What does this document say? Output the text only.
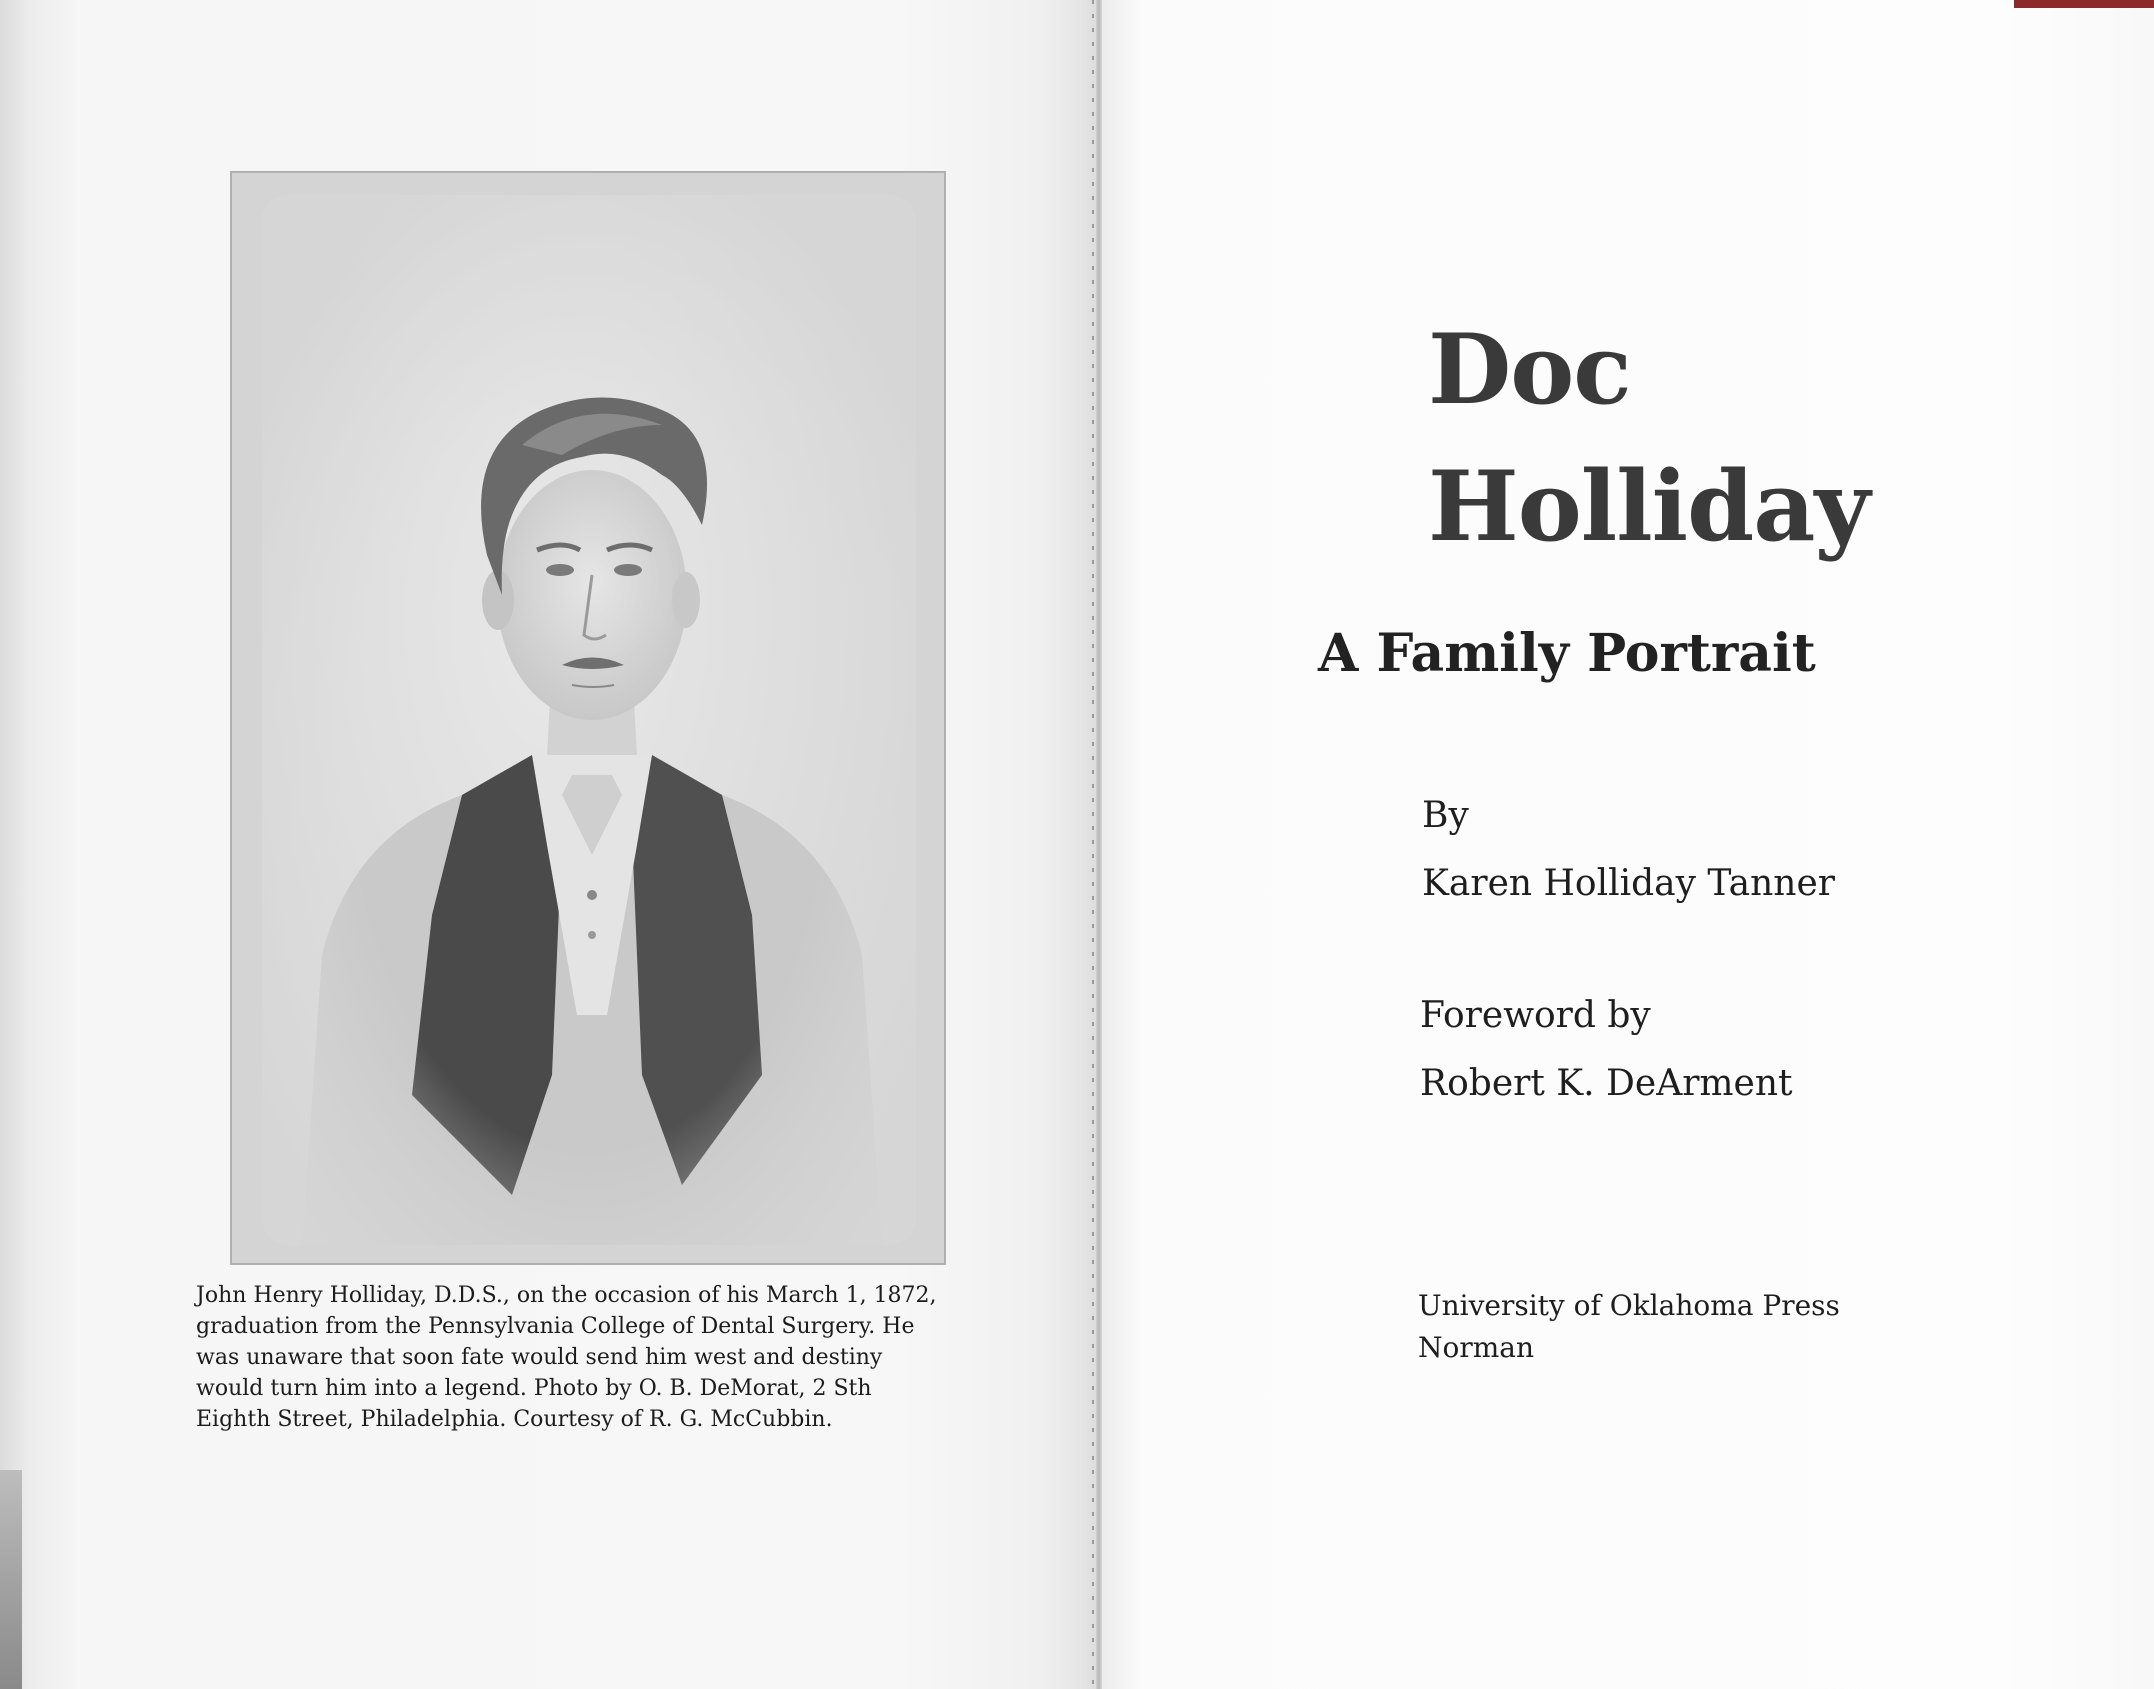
John Henry Holliday, D.D.S., on the occasion of his March 1, 1872,
graduation from the Pennsylvania College of Dental Surgery. He
was unaware that soon fate would send him west and destiny
would turn him into a legend. Photo by O. B. DeMorat, 2 Sth
Eighth Street, Philadelphia. Courtesy of R. G. McCubbin.

Doc
Holliday
A Family Portrait

By

Karen Holliday Tanner

Foreword by

Robert K. DeArment

University of Oklahoma Press

Norman
